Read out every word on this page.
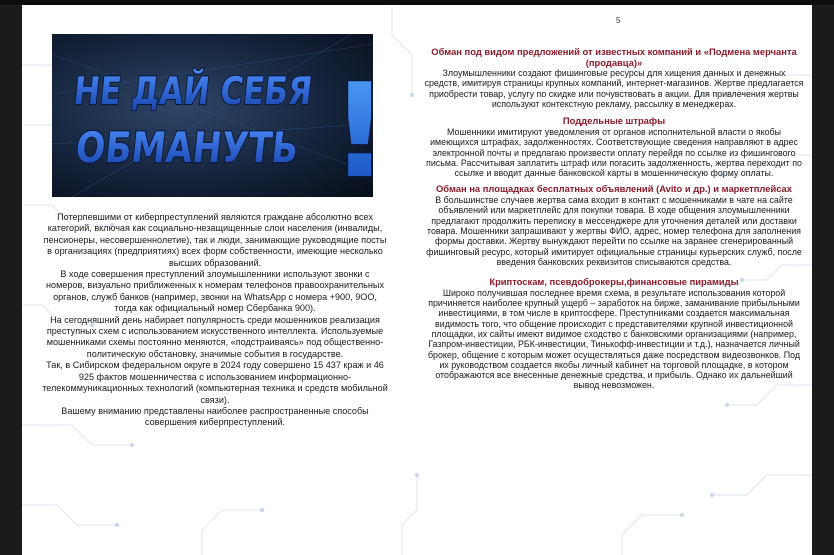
5
НЕ ДАЙ СЕБЯ
ОБМАНУТЬ
!

Потерпевшими от киберпреступлений являются граждане абсолютно всех категорий, включая как социально-незащищенные слои населения (инвалиды, пенсионеры, несовершеннолетие), так и люди, занимающие руководящие посты в организациях (предприятиях) всех форм собственности, имеющие несколько высших образований.

В ходе совершения преступлений злоумышленники используют звонки с номеров, визуально приближенных к номерам телефонов правоохранительных органов, служб банков (например, звонки на WhatsApp с номера +900, 9ОО, тогда как официальный номер Сбербанка 900).

На сегодняшний день набирает популярность среди мошенников реализация преступных схем с использованием искусственного интеллекта. Используемые мошенниками схемы постоянно меняются, «подстраиваясь» под общественно-политическую обстановку, значимые события в государстве.

Так, в Сибирском федеральном округе в 2024 году совершено 15 437 краж и 46 925 фактов мошенничества с использованием информационно-телекоммуникационных технологий (компьютерная техника и средств мобильной связи).

Вашему вниманию представлены наиболее распространенные способы совершения киберпреступлений.

Обман под видом предложений от известных компаний и «Подмена мерчанта (продавца)»
Злоумышленники создают фишинговые ресурсы для хищения данных и денежных средств, имитируя страницы крупных компаний, интернет-магазинов. Жертве предлагается приобрести товар, услугу по скидке или почувствовать в акции. Для привлечения жертвы используют контекстную рекламу, рассылку в менеджерах.
Поддельные штрафы
Мошенники имитируют уведомления от органов исполнительной власти о якобы имеющихся штрафах, задолженностях. Соответствующие сведения направляют в адрес электронной почты и предлагаю произвести оплату перейдя по ссылке из фишингового письма. Рассчитывая заплатить штраф или погасить задолженность, жертва переходит по ссылке и вводит данные банковской карты в мошенническую форму оплаты.
Обман на площадках бесплатных объявлений (Avito и др.) и маркетплейсах
В большинстве случаев жертва сама входит в контакт с мошенниками в чате на сайте объявлений или маркетплейс для покупки товара. В ходе общения злоумышленники предлагают продолжить переписку в мессенджере для уточнения деталей или доставки товара. Мошенники запрашивают у жертвы ФИО, адрес, номер телефона для заполнения формы доставки. Жертву вынуждают перейти по ссылке на заранее сгенерированный фишинговый ресурс, который имитирует официальные страницы курьерских служб, после введения банковских реквизитов списываются средства.
Криптоскам, псевдоброкеры,финансовые пирамиды
Широко получившая последнее время схема, в результате использования которой причиняется наиболее крупный ущерб – заработок на бирже, заманивание прибыльными инвестициями, в том числе в криптосфере. Преступниками создается максимальная видимость того, что общение происходит с представителями крупной инвестиционной площадки, их сайты имеют видимое сходство с банковскими организациями (например, Газпром-инвестиции, РБК-инвестиции, Тинькофф-инвестиции и т.д.), назначается личный брокер, общение с которым может осуществляться даже посредством видеозвонков. Под их руководством создается якобы личный кабинет на торговой площадке, в котором отображаются все внесенные денежные средства, и прибыль. Однако их дальнейший вывод невозможен.
